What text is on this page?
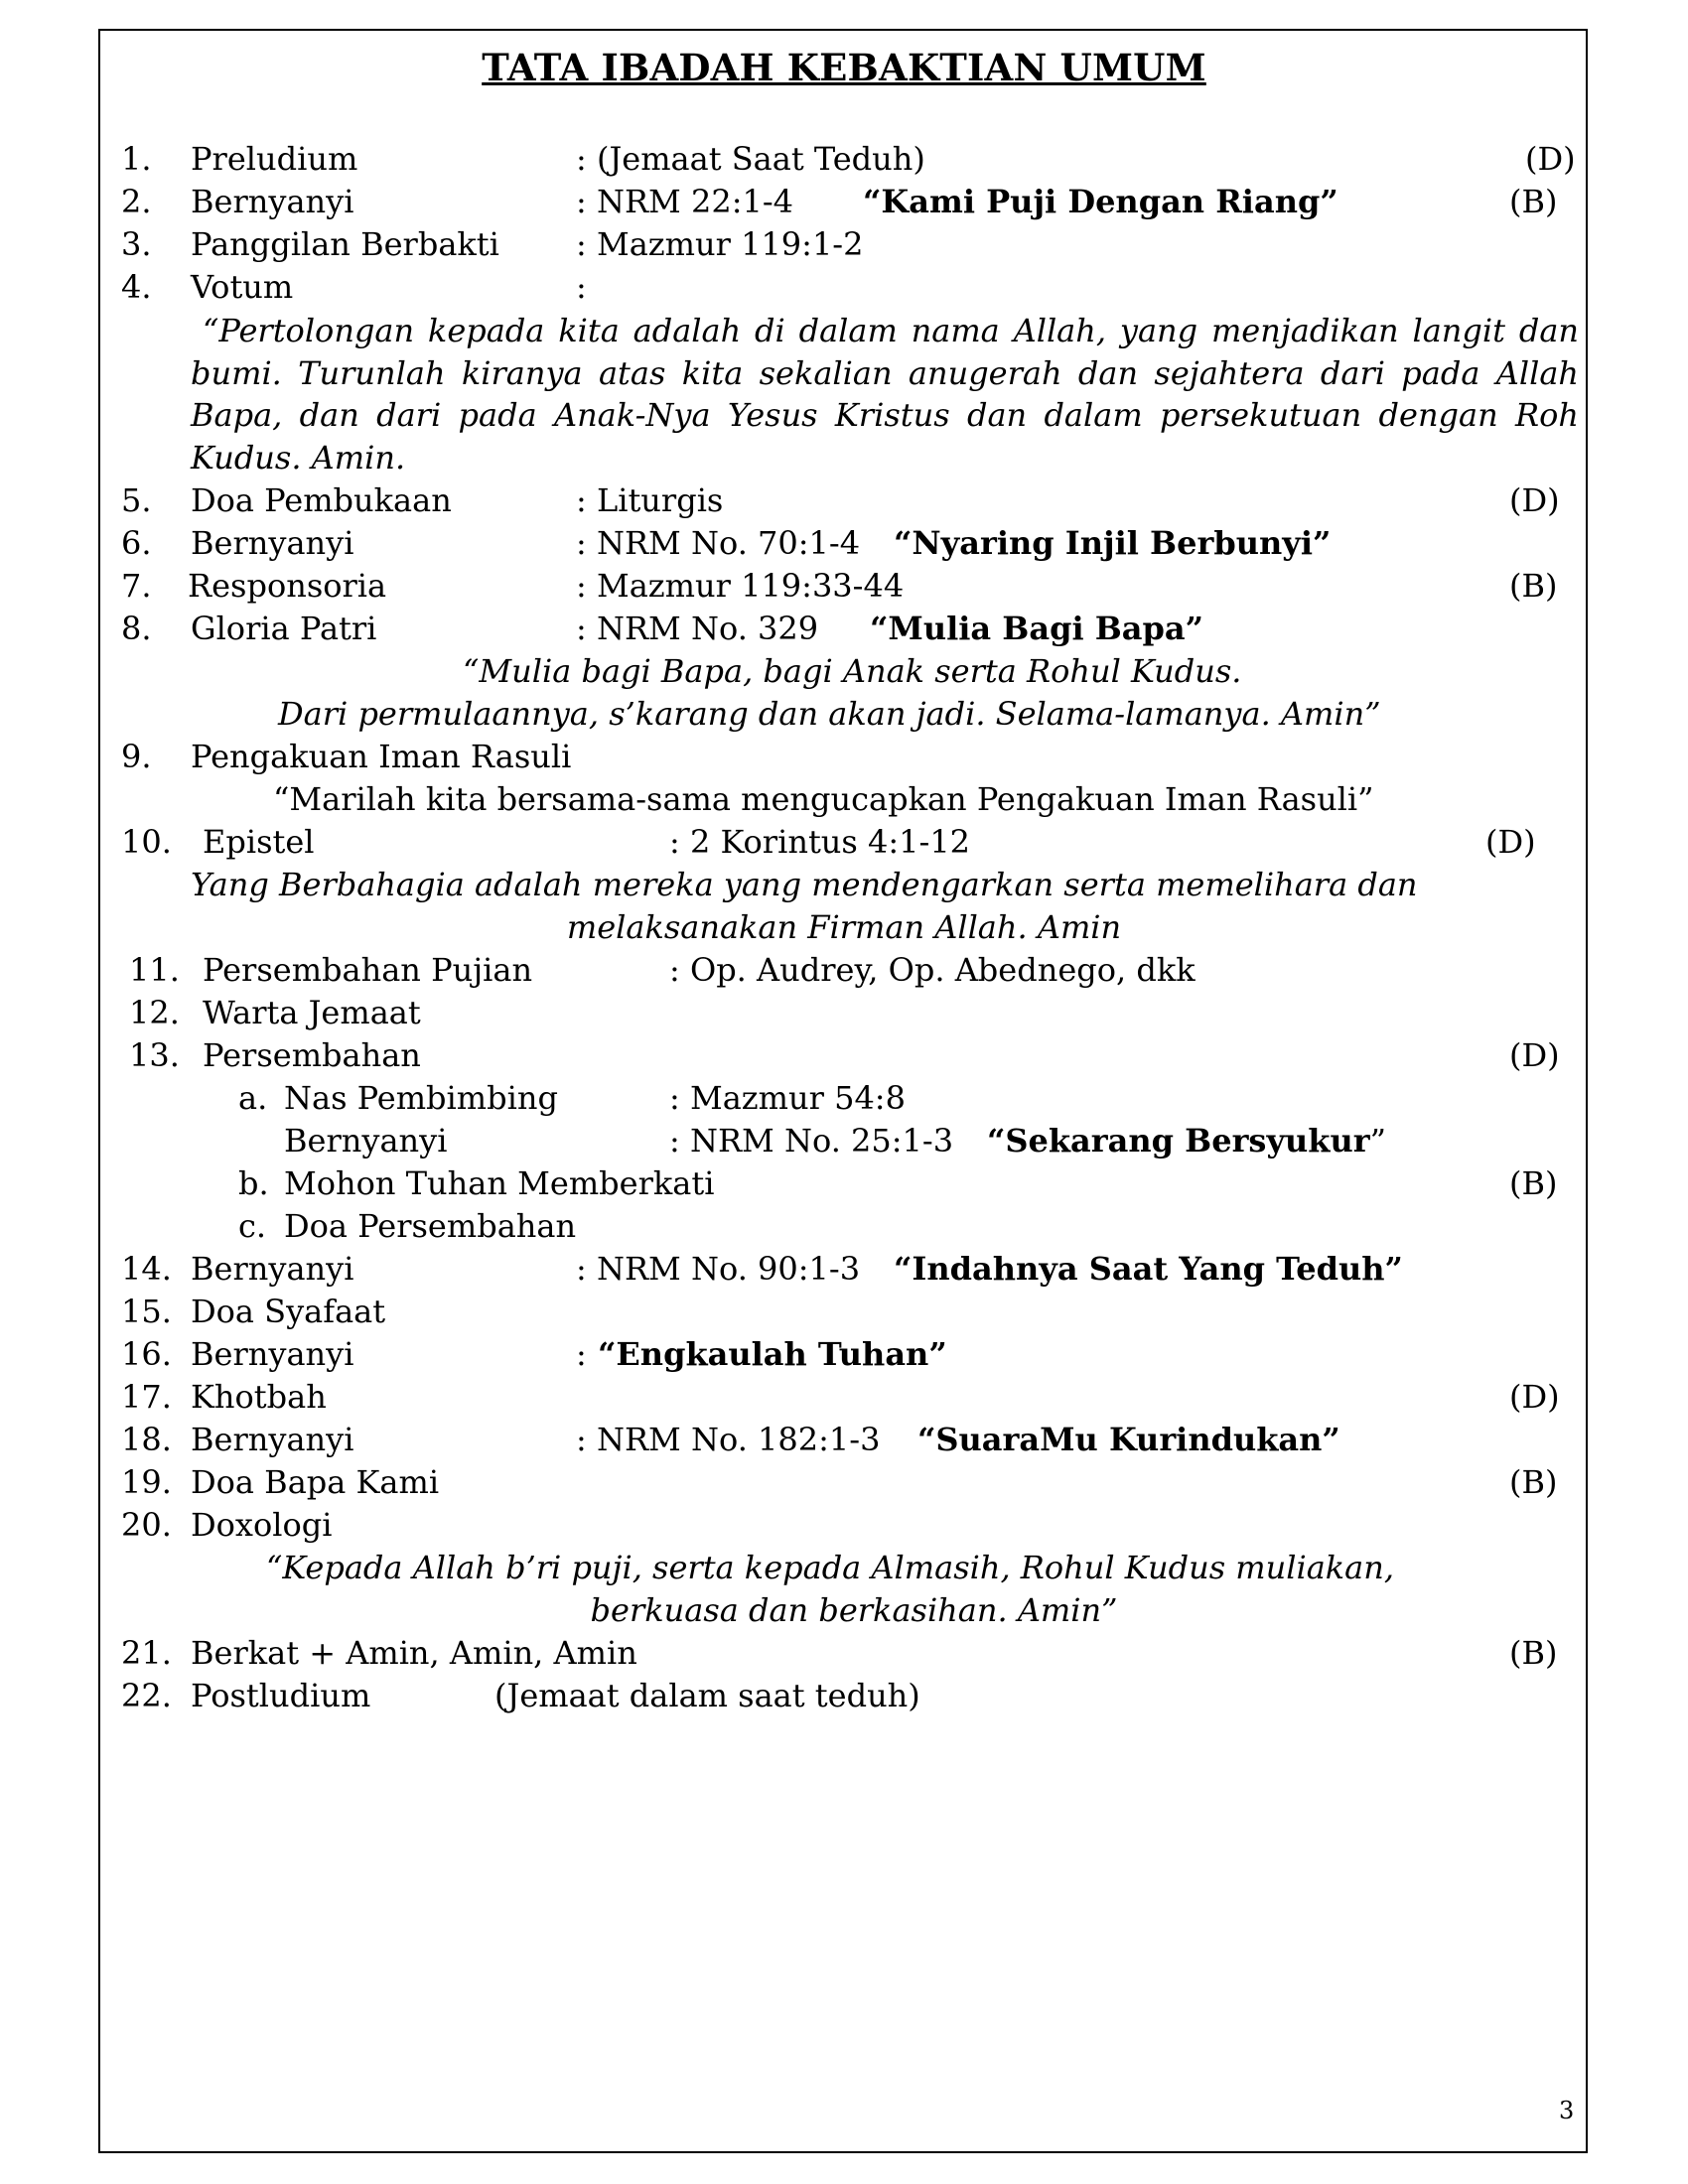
TATA IBADAH KEBAKTIAN UMUM
1. Preludium	: (Jemaat Saat Teduh)	(D)
2. Bernyanyi	: NRM 22:1-4 “Kami Puji Dengan Riang”	(B)
3. Panggilan Berbakti : Mazmur 119:1-2
4. Votum	:
“Pertolongan kepada kita adalah di dalam nama Allah, yang menjadikan langit dan bumi. Turunlah kiranya atas kita sekalian anugerah dan sejahtera dari pada Allah Bapa, dan dari pada Anak-Nya Yesus Kristus dan dalam persekutuan dengan Roh Kudus. Amin.
5. Doa Pembukaan	: Liturgis	(D)
6. Bernyanyi	: NRM No. 70:1-4 “Nyaring Injil Berbunyi”
7. Responsoria	: Mazmur 119:33-44	(B)
8. Gloria Patri	: NRM No. 329 “Mulia Bagi Bapa”
“Mulia bagi Bapa, bagi Anak serta Rohul Kudus.
Dari permulaannya, s’karang dan akan jadi. Selama-lamanya. Amin”
9. Pengakuan Iman Rasuli
“Marilah kita bersama-sama mengucapkan Pengakuan Iman Rasuli”
10. Epistel	: 2 Korintus 4:1-12	(D)
Yang Berbahagia adalah mereka yang mendengarkan serta memelihara dan
melaksanakan Firman Allah. Amin
11. Persembahan Pujian	: Op. Audrey, Op. Abednego, dkk
12. Warta Jemaat
13. Persembahan	(D)
a. Nas Pembimbing	: Mazmur 54:8
Bernyanyi	: NRM No. 25:1-3 “Sekarang Bersyukur”
b. Mohon Tuhan Memberkati	(B)
c. Doa Persembahan
14. Bernyanyi	: NRM No. 90:1-3 “Indahnya Saat Yang Teduh”
15. Doa Syafaat
16. Bernyanyi	: “Engkaulah Tuhan”
17. Khotbah	(D)
18. Bernyanyi	: NRM No. 182:1-3 “SuaraMu Kurindukan”
19. Doa Bapa Kami	(B)
20. Doxologi
“Kepada Allah b’ri puji, serta kepada Almasih, Rohul Kudus muliakan,
berkuasa dan berkasihan. Amin”
21. Berkat + Amin, Amin, Amin	(B)
22. Postludium	(Jemaat dalam saat teduh)
3
